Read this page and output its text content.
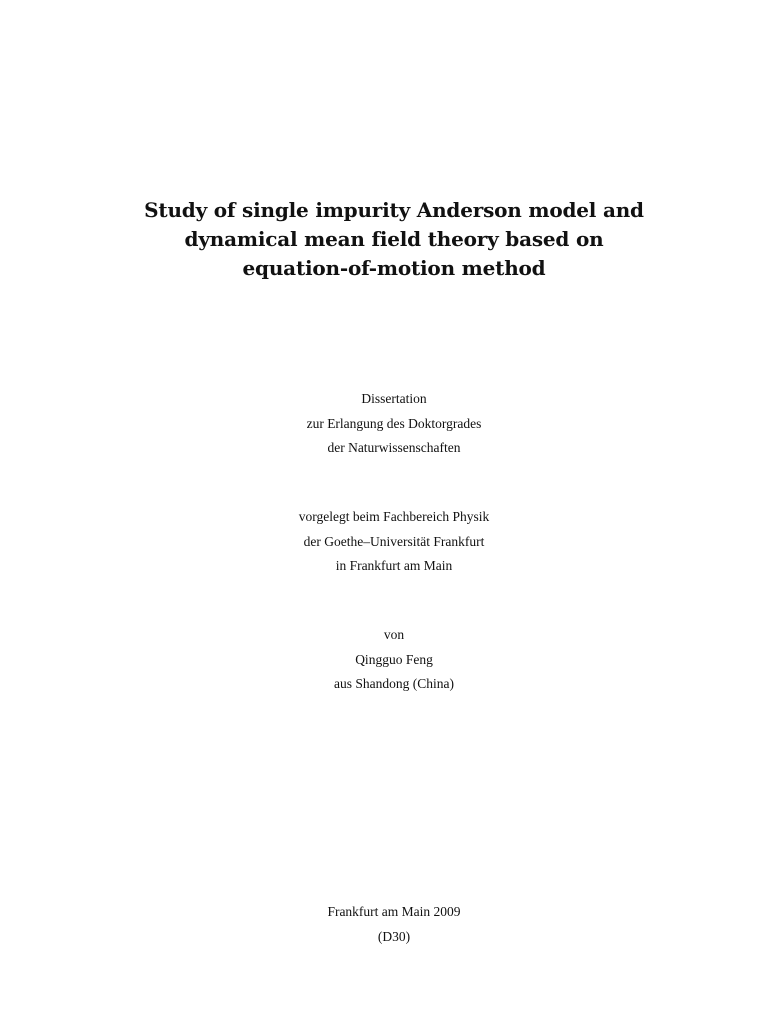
Study of single impurity Anderson model and
dynamical mean field theory based on
equation-of-motion method
Dissertation
zur Erlangung des Doktorgrades
der Naturwissenschaften
vorgelegt beim Fachbereich Physik
der Goethe–Universität Frankfurt
in Frankfurt am Main
von
Qingguo Feng
aus Shandong (China)
Frankfurt am Main 2009
(D30)
